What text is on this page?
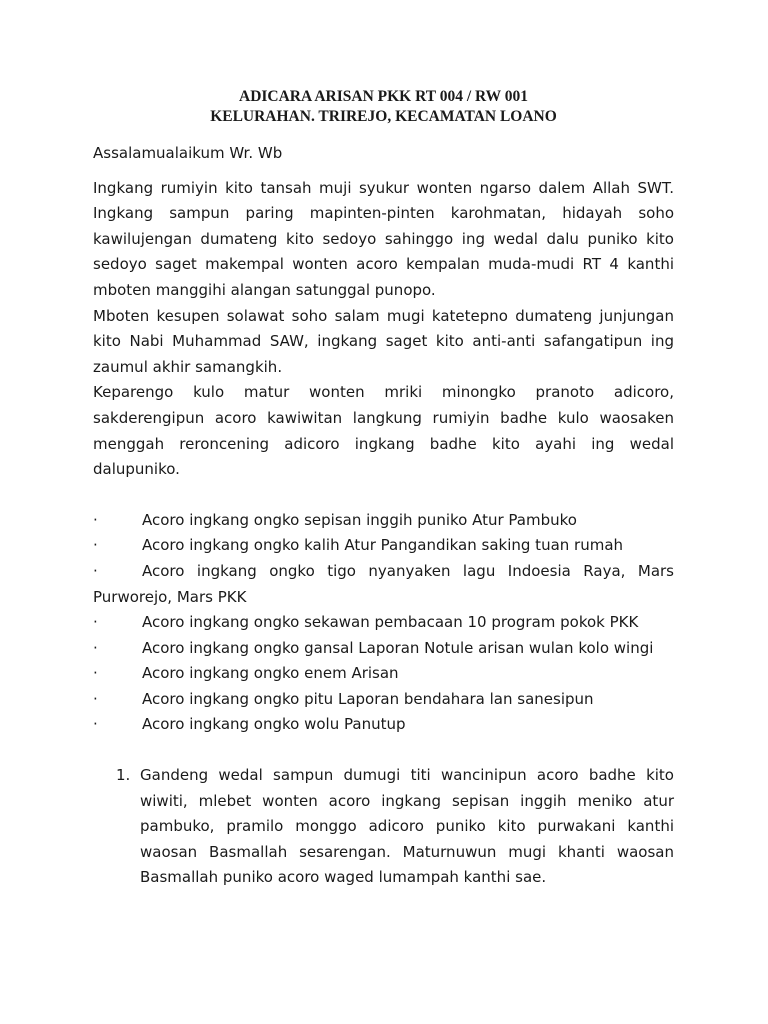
ADICARA ARISAN PKK RT 004 / RW 001

KELURAHAN. TRIREJO, KECAMATAN LOANO

Assalamualaikum Wr. Wb

Ingkang rumiyin kito tansah muji syukur wonten ngarso dalem Allah SWT. Ingkang sampun paring mapinten-pinten karohmatan, hidayah soho kawilujengan dumateng kito sedoyo sahinggo ing wedal dalu puniko kito sedoyo saget makempal wonten acoro kempalan muda-mudi RT 4 kanthi mboten manggihi alangan satunggal punopo.

Mboten kesupen solawat soho salam mugi katetepno dumateng junjungan kito Nabi Muhammad SAW, ingkang saget kito anti-anti safangatipun ing zaumul akhir samangkih.

Keparengo kulo matur wonten mriki minongko pranoto adicoro, sakderengipun acoro kawiwitan langkung rumiyin badhe kulo waosaken menggah reroncening adicoro ingkang badhe kito ayahi ing wedal dalupuniko.

·	Acoro ingkang ongko sepisan inggih puniko Atur Pambuko
·	Acoro ingkang ongko kalih Atur Pangandikan saking tuan rumah
·	Acoro ingkang ongko tigo nyanyaken lagu Indoesia Raya, Mars Purworejo, Mars PKK
·	Acoro ingkang ongko sekawan pembacaan 10 program pokok PKK
·	Acoro ingkang ongko gansal Laporan Notule arisan wulan kolo wingi
·	Acoro ingkang ongko enem Arisan
·	Acoro ingkang ongko pitu Laporan bendahara lan sanesipun
·	Acoro ingkang ongko wolu Panutup
1. Gandeng wedal sampun dumugi titi wancinipun acoro badhe kito wiwiti, mlebet wonten acoro ingkang sepisan inggih meniko atur pambuko, pramilo monggo adicoro puniko kito purwakani kanthi waosan Basmallah sesarengan. Maturnuwun mugi khanti waosan Basmallah puniko acoro waged lumampah kanthi sae.
